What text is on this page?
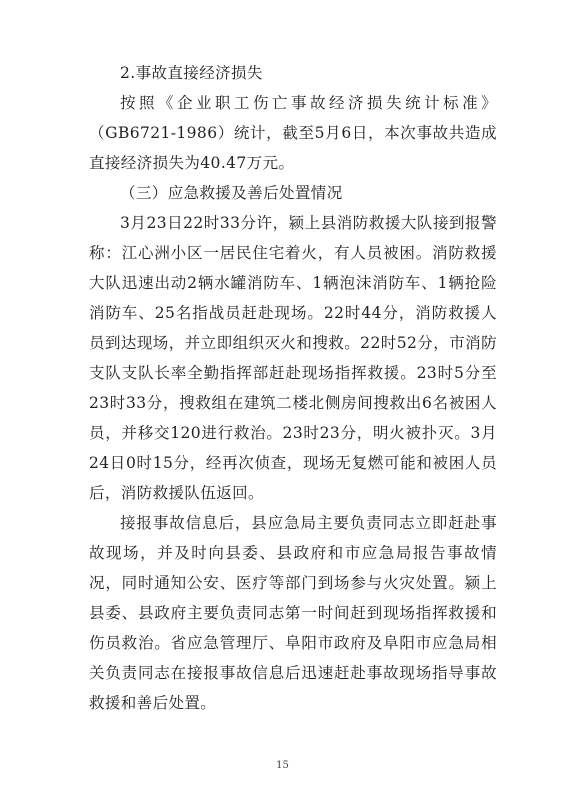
2.事故直接经济损失

按照《企业职工伤亡事故经济损失统计标准》（GB6721-1986）统计，截至5月6日，本次事故共造成直接经济损失为40.47万元。

（三）应急救援及善后处置情况

3月23日22时33分许，颍上县消防救援大队接到报警称：江心洲小区一居民住宅着火，有人员被困。消防救援大队迅速出动2辆水罐消防车、1辆泡沫消防车、1辆抢险消防车、25名指战员赶赴现场。22时44分，消防救援人员到达现场，并立即组织灭火和搜救。22时52分，市消防支队支队长率全勤指挥部赶赴现场指挥救援。23时5分至23时33分，搜救组在建筑二楼北侧房间搜救出6名被困人员，并移交120进行救治。23时23分，明火被扑灭。3月24日0时15分，经再次侦查，现场无复燃可能和被困人员后，消防救援队伍返回。

接报事故信息后，县应急局主要负责同志立即赶赴事故现场，并及时向县委、县政府和市应急局报告事故情况，同时通知公安、医疗等部门到场参与火灾处置。颍上县委、县政府主要负责同志第一时间赶到现场指挥救援和伤员救治。省应急管理厅、阜阳市政府及阜阳市应急局相关负责同志在接报事故信息后迅速赶赴事故现场指导事故救援和善后处置。

15
